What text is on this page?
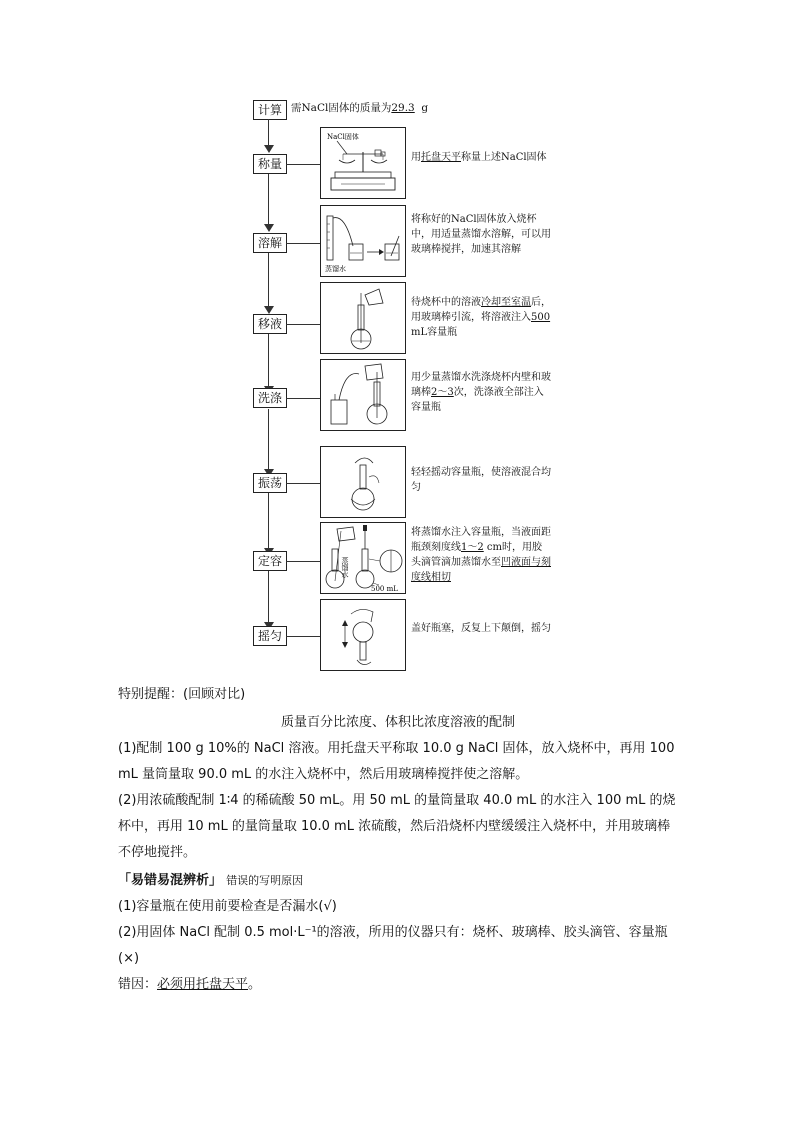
计算 需NaCl固体的质量为29.3 g
称量
NaCl固体
用托盘天平称量上述NaCl固体
溶解
蒸馏水
将称好的NaCl固体放入烧杯中，用适量蒸馏水溶解，可以用玻璃棒搅拌，加速其溶解
移液
待烧杯中的溶液冷却至室温后，用玻璃棒引流，将溶液注入500 mL容量瓶
洗涤
用少量蒸馏水洗涤烧杯内壁和玻璃棒2～3次，洗涤液全部注入容量瓶
振荡
轻轻摇动容量瓶，使溶液混合均匀
定容	蒸馏水
500 mL
将蒸馏水注入容量瓶，当液面距瓶颈刻度线1～2 cm时，用胶头滴管滴加蒸馏水至凹液面与刻度线相切
摇匀
盖好瓶塞，反复上下颠倒，摇匀
特别提醒：(回顾对比)
质量百分比浓度、体积比浓度溶液的配制
(1)配制 100 g 10%的 NaCl 溶液。用托盘天平称取 10.0 g NaCl 固体，放入烧杯中，再用 100 mL 量筒量取 90.0 mL 的水注入烧杯中，然后用玻璃棒搅拌使之溶解。
(2)用浓硫酸配制 1∶4 的稀硫酸 50 mL。用 50 mL 的量筒量取 40.0 mL 的水注入 100 mL 的烧杯中，再用 10 mL 的量筒量取 10.0 mL 浓硫酸，然后沿烧杯内壁缓缓注入烧杯中，并用玻璃棒不停地搅拌。
「易错易混辨析」 错误的写明原因
(1)容量瓶在使用前要检查是否漏水(√)
(2)用固体 NaCl 配制 0.5 mol·L⁻¹的溶液，所用的仪器只有：烧杯、玻璃棒、胶头滴管、容量瓶(×)
错因：必须用托盘天平。
